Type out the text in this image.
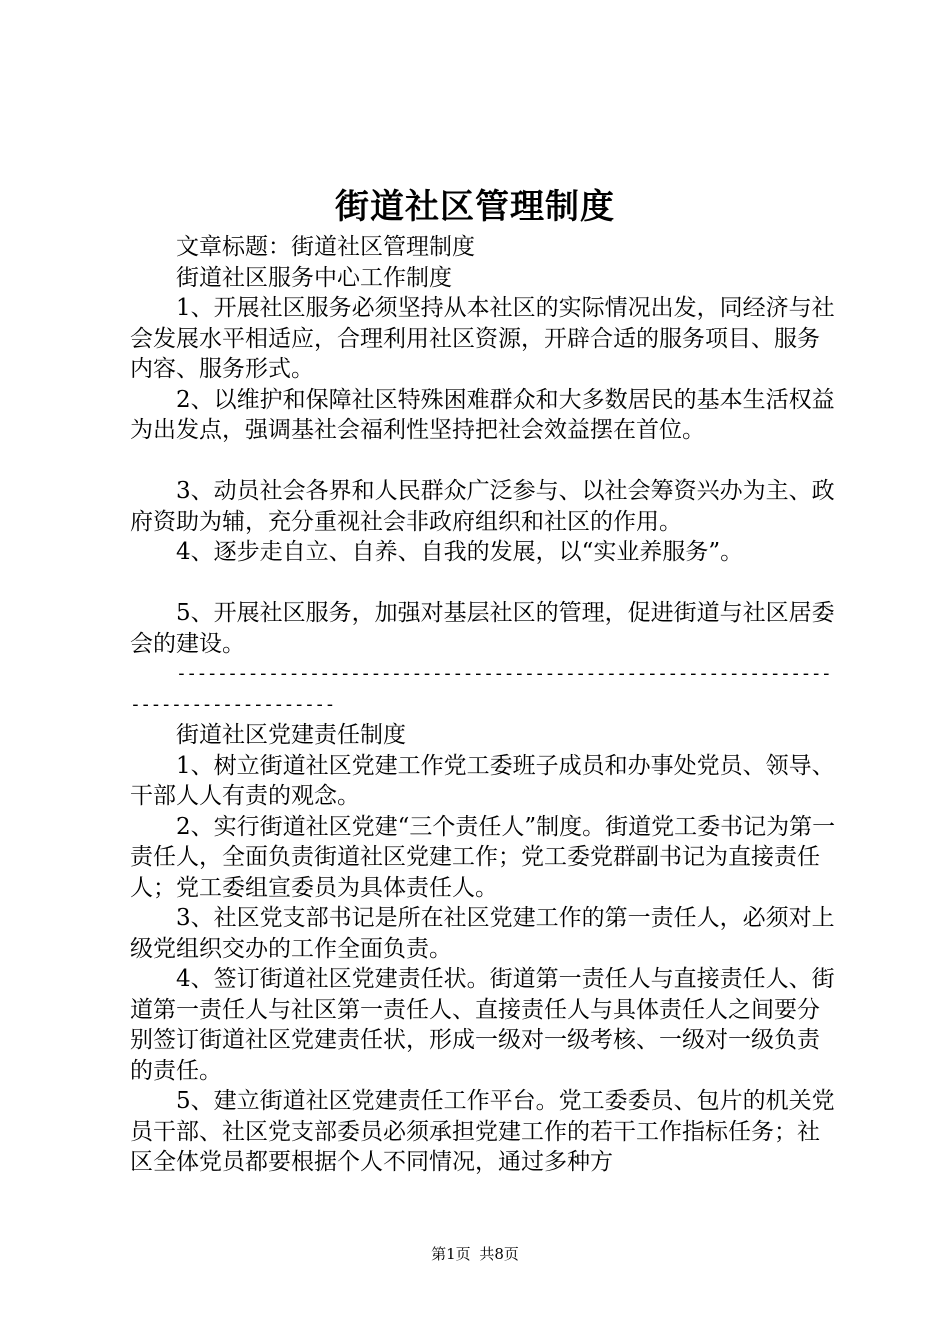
街道社区管理制度

文章标题：街道社区管理制度

街道社区服务中心工作制度

1、开展社区服务必须坚持从本社区的实际情况出发，同经济与社会发展水平相适应，合理利用社区资源，开辟合适的服务项目、服务内容、服务形式。

2、以维护和保障社区特殊困难群众和大多数居民的基本生活权益为出发点，强调基社会福利性坚持把社会效益摆在首位。

3、动员社会各界和人民群众广泛参与、以社会筹资兴办为主、政府资助为辅，充分重视社会非政府组织和社区的作用。

4、逐步走自立、自养、自我的发展，以“实业养服务”。

5、开展社区服务，加强对基层社区的管理，促进街道与社区居委会的建设。

----------------------------------------------------------------
--------------------

街道社区党建责任制度

1、树立街道社区党建工作党工委班子成员和办事处党员、领导、干部人人有责的观念。

2、实行街道社区党建“三个责任人”制度。街道党工委书记为第一责任人，全面负责街道社区党建工作；党工委党群副书记为直接责任人；党工委组宣委员为具体责任人。

3、社区党支部书记是所在社区党建工作的第一责任人，必须对上级党组织交办的工作全面负责。

4、签订街道社区党建责任状。街道第一责任人与直接责任人、街道第一责任人与社区第一责任人、直接责任人与具体责任人之间要分别签订街道社区党建责任状，形成一级对一级考核、一级对一级负责的责任。

5、建立街道社区党建责任工作平台。党工委委员、包片的机关党员干部、社区党支部委员必须承担党建工作的若干工作指标任务；社区全体党员都要根据个人不同情况，通过多种方

第1页 共8页
